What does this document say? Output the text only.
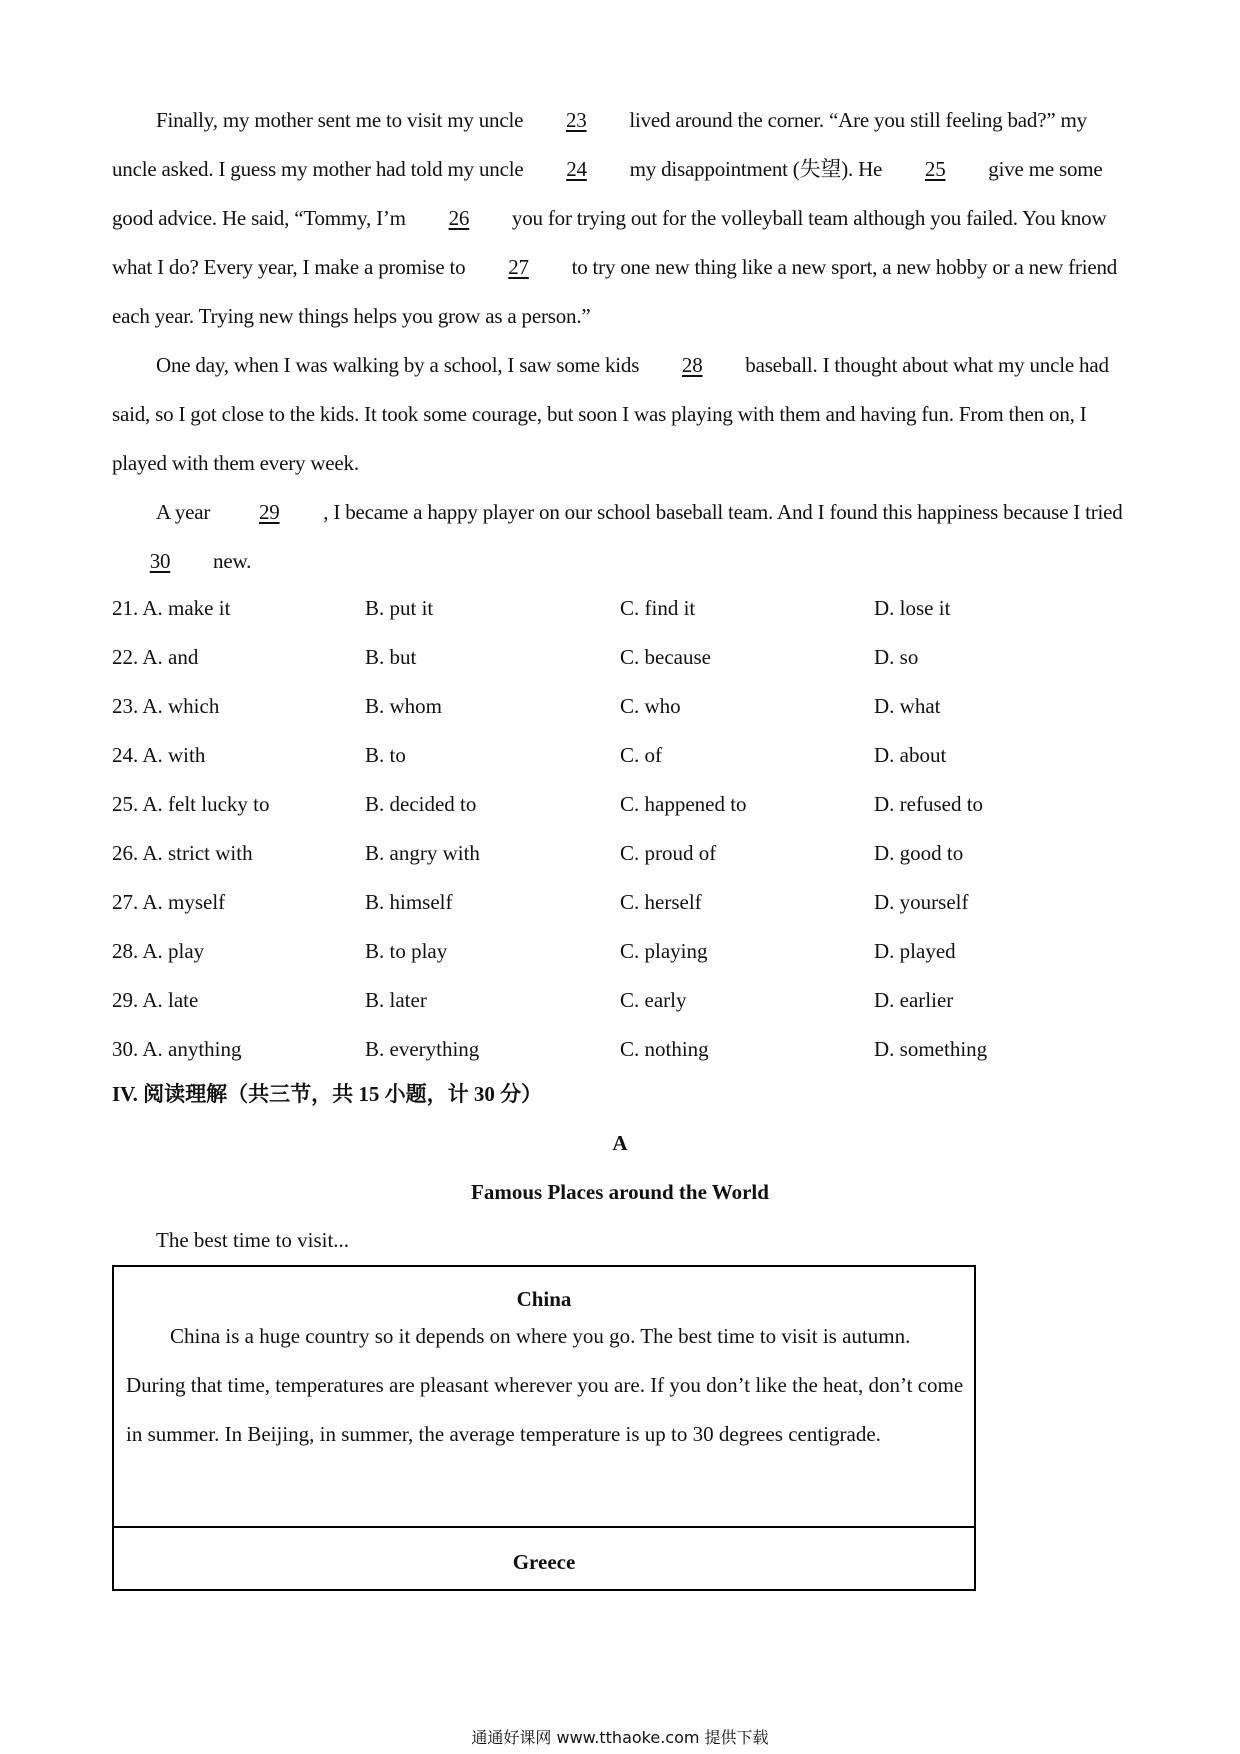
Finally, my mother sent me to visit my uncle 23 lived around the corner. “Are you still feeling bad?” my uncle asked. I guess my mother had told my uncle 24 my disappointment (失望). He 25 give me some good advice. He said, “Tommy, I’m 26 you for trying out for the volleyball team although you failed. You know what I do? Every year, I make a promise to 27 to try one new thing like a new sport, a new hobby or a new friend each year. Trying new things helps you grow as a person.”

One day, when I was walking by a school, I saw some kids 28 baseball. I thought about what my uncle had said, so I got close to the kids. It took some courage, but soon I was playing with them and having fun. From then on, I played with them every week.

A year 29 , I became a happy player on our school baseball team. And I found this happiness because I tried 30 new.

21. A. make it	B. put it	C. find it	D. lose it
22. A. and	B. but	C. because	D. so
23. A. which	B. whom	C. who	D. what
24. A. with	B. to	C. of	D. about
25. A. felt lucky to	B. decided to	C. happened to	D. refused to
26. A. strict with	B. angry with	C. proud of	D. good to
27. A. myself	B. himself	C. herself	D. yourself
28. A. play	B. to play	C. playing	D. played
29. A. late	B. later	C. early	D. earlier
30. A. anything	B. everything	C. nothing	D. something
IV. 阅读理解（共三节，共 15 小题，计 30 分）
A
Famous Places around the World
The best time to visit...
China

China is a huge country so it depends on where you go. The best time to visit is autumn. During that time, temperatures are pleasant wherever you are. If you don’t like the heat, don’t come in summer. In Beijing, in summer, the average temperature is up to 30 degrees centigrade.

Greece
通通好课网 www.tthaoke.com 提供下载
